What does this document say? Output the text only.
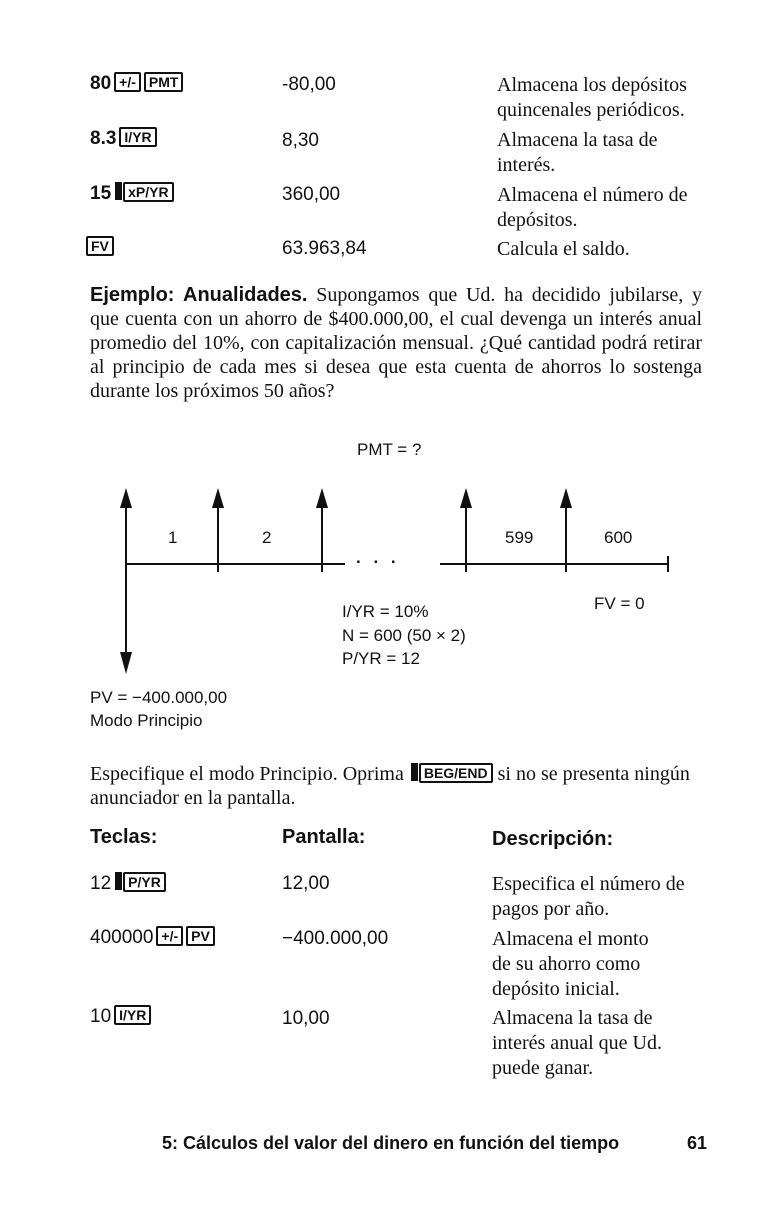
80 +/- PMT	-80,00	Almacena los depósitos quincenales periódicos.
8.3 I/YR	8,30	Almacena la tasa de interés.
15 xP/YR	360,00	Almacena el número de depósitos.
FV	63.963,84	Calcula el saldo.
Ejemplo: Anualidades. Supongamos que Ud. ha decidido jubilarse, y que cuenta con un ahorro de $400.000,00, el cual devenga un interés anual promedio del 10%, con capitalización mensual. ¿Qué cantidad podrá retirar al principio de cada mes si desea que esta cuenta de ahorros lo sostenga durante los próximos 50 años?
PMT = ?
1	2	599	600
. . .
FV = 0
I/YR = 10%
N = 600 (50 × 2)
P/YR = 12
PV = −400.000,00
Modo Principio
Especifique el modo Principio. Oprima BEG/END si no se presenta ningún anunciador en la pantalla.
Teclas:	Pantalla:	Descripción:
12 P/YR	12,00	Especifica el número de pagos por año.
400000 +/- PV	−400.000,00	Almacena el monto de su ahorro como depósito inicial.
10 I/YR	10,00	Almacena la tasa de interés anual que Ud. puede ganar.
5: Cálculos del valor del dinero en función del tiempo	61
